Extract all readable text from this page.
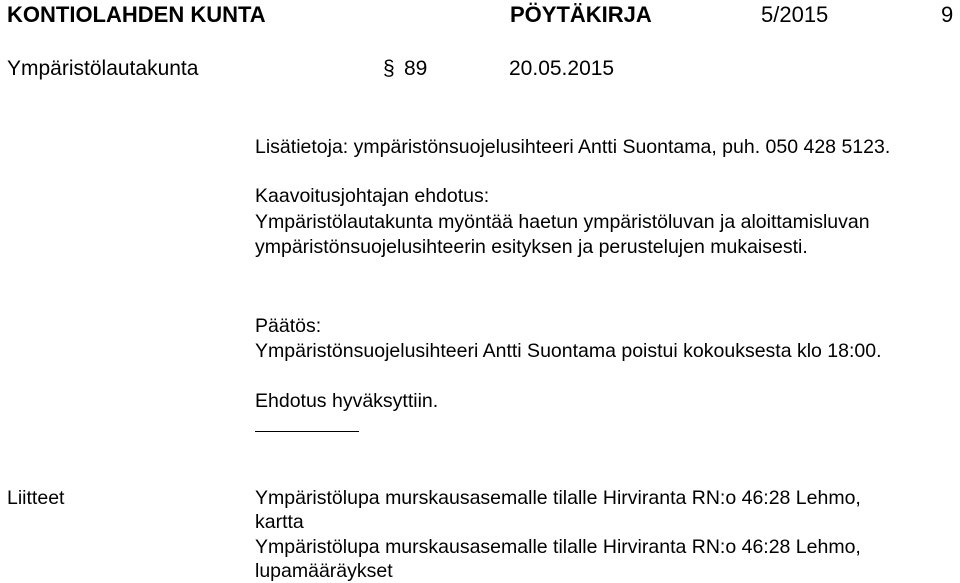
KONTIOLAHDEN KUNTA	PÖYTÄKIRJA	5/2015	9
Ympäristölautakunta	§ 89	20.05.2015
Lisätietoja: ympäristönsuojelusihteeri Antti Suontama, puh. 050 428 5123.
Kaavoitusjohtajan ehdotus:
Ympäristölautakunta myöntää haetun ympäristöluvan ja aloittamisluvan
ympäristönsuojelusihteerin esityksen ja perustelujen mukaisesti.
Päätös:
Ympäristönsuojelusihteeri Antti Suontama poistui kokouksesta klo 18:00.
Ehdotus hyväksyttiin.
Liitteet	Ympäristölupa murskausasemalle tilalle Hirviranta RN:o 46:28 Lehmo,
kartta
Ympäristölupa murskausasemalle tilalle Hirviranta RN:o 46:28 Lehmo,
lupamääräykset
